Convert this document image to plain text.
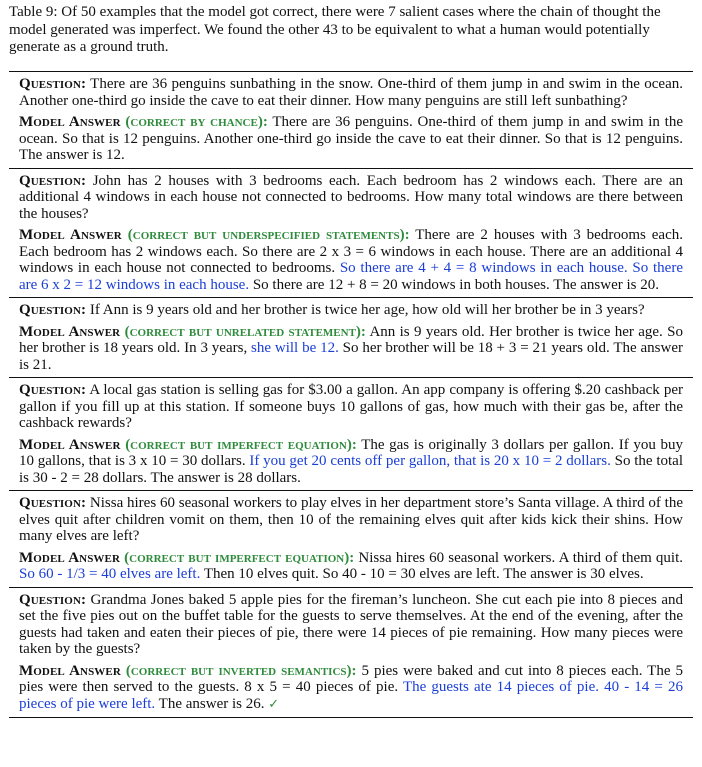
Table 9: Of 50 examples that the model got correct, there were 7 salient cases where the chain of thought the model generated was imperfect. We found the other 43 to be equivalent to what a human would potentially generate as a ground truth.

Question: There are 36 penguins sunbathing in the snow. One-third of them jump in and swim in the ocean. Another one-third go inside the cave to eat their dinner. How many penguins are still left sunbathing?

Model Answer (correct by chance): There are 36 penguins. One-third of them jump in and swim in the ocean. So that is 12 penguins. Another one-third go inside the cave to eat their dinner. So that is 12 penguins. The answer is 12.

Question: John has 2 houses with 3 bedrooms each. Each bedroom has 2 windows each. There are an additional 4 windows in each house not connected to bedrooms. How many total windows are there between the houses?

Model Answer (correct but underspecified statements): There are 2 houses with 3 bedrooms each. Each bedroom has 2 windows each. So there are 2 x 3 = 6 windows in each house. There are an additional 4 windows in each house not connected to bedrooms. So there are 4 + 4 = 8 windows in each house. So there are 6 x 2 = 12 windows in each house. So there are 12 + 8 = 20 windows in both houses. The answer is 20.

Question: If Ann is 9 years old and her brother is twice her age, how old will her brother be in 3 years?

Model Answer (correct but unrelated statement): Ann is 9 years old. Her brother is twice her age. So her brother is 18 years old. In 3 years, she will be 12. So her brother will be 18 + 3 = 21 years old. The answer is 21.

Question: A local gas station is selling gas for $3.00 a gallon. An app company is offering $.20 cashback per gallon if you fill up at this station. If someone buys 10 gallons of gas, how much with their gas be, after the cashback rewards?

Model Answer (correct but imperfect equation): The gas is originally 3 dollars per gallon. If you buy 10 gallons, that is 3 x 10 = 30 dollars. If you get 20 cents off per gallon, that is 20 x 10 = 2 dollars. So the total is 30 - 2 = 28 dollars. The answer is 28 dollars.

Question: Nissa hires 60 seasonal workers to play elves in her department store’s Santa village. A third of the elves quit after children vomit on them, then 10 of the remaining elves quit after kids kick their shins. How many elves are left?

Model Answer (correct but imperfect equation): Nissa hires 60 seasonal workers. A third of them quit. So 60 - 1/3 = 40 elves are left. Then 10 elves quit. So 40 - 10 = 30 elves are left. The answer is 30 elves.

Question: Grandma Jones baked 5 apple pies for the fireman’s luncheon. She cut each pie into 8 pieces and set the five pies out on the buffet table for the guests to serve themselves. At the end of the evening, after the guests had taken and eaten their pieces of pie, there were 14 pieces of pie remaining. How many pieces were taken by the guests?

Model Answer (correct but inverted semantics): 5 pies were baked and cut into 8 pieces each. The 5 pies were then served to the guests. 8 x 5 = 40 pieces of pie. The guests ate 14 pieces of pie. 40 - 14 = 26 pieces of pie were left. The answer is 26. ✓
